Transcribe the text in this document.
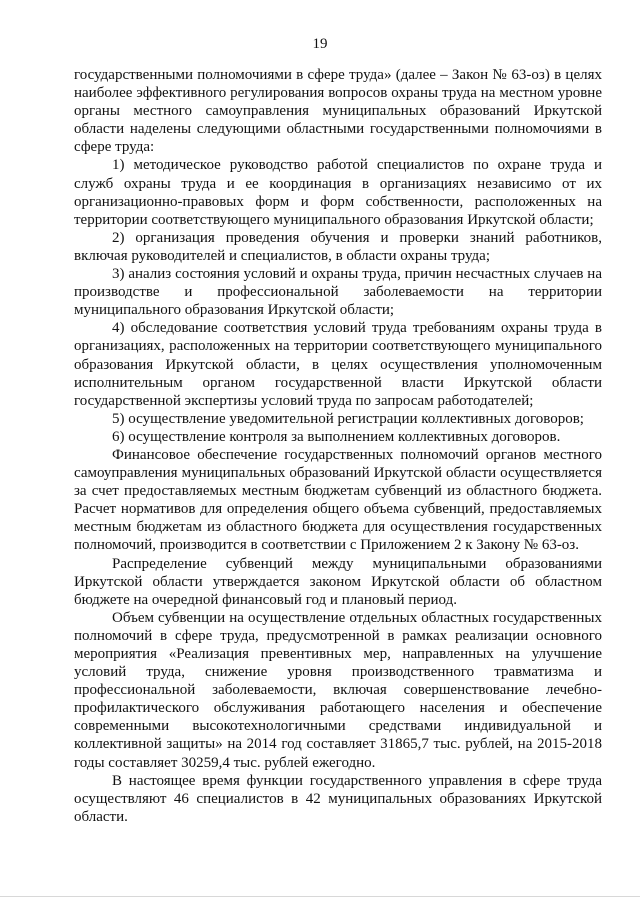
19

государственными полномочиями в сфере труда» (далее – Закон № 63-оз) в целях наиболее эффективного регулирования вопросов охраны труда на местном уровне органы местного самоуправления муниципальных образований Иркутской области наделены следующими областными государственными полномочиями в сфере труда:

1) методическое руководство работой специалистов по охране труда и служб охраны труда и ее координация в организациях независимо от их организационно-правовых форм и форм собственности, расположенных на территории соответствующего муниципального образования Иркутской области;

2) организация проведения обучения и проверки знаний работников, включая руководителей и специалистов, в области охраны труда;

3) анализ состояния условий и охраны труда, причин несчастных случаев на производстве и профессиональной заболеваемости на территории муниципального образования Иркутской области;

4) обследование соответствия условий труда требованиям охраны труда в организациях, расположенных на территории соответствующего муниципального образования Иркутской области, в целях осуществления уполномоченным исполнительным органом государственной власти Иркутской области государственной экспертизы условий труда по запросам работодателей;

5) осуществление уведомительной регистрации коллективных договоров;

6) осуществление контроля за выполнением коллективных договоров.

Финансовое обеспечение государственных полномочий органов местного самоуправления муниципальных образований Иркутской области осуществляется за счет предоставляемых местным бюджетам субвенций из областного бюджета. Расчет нормативов для определения общего объема субвенций, предоставляемых местным бюджетам из областного бюджета для осуществления государственных полномочий, производится в соответствии с Приложением 2 к Закону № 63-оз.

Распределение субвенций между муниципальными образованиями Иркутской области утверждается законом Иркутской области об областном бюджете на очередной финансовый год и плановый период.

Объем субвенции на осуществление отдельных областных государственных полномочий в сфере труда, предусмотренной в рамках реализации основного мероприятия «Реализация превентивных мер, направленных на улучшение условий труда, снижение уровня производственного травматизма и профессиональной заболеваемости, включая совершенствование лечебно-профилактического обслуживания работающего населения и обеспечение современными высокотехнологичными средствами индивидуальной и коллективной защиты» на 2014 год составляет 31865,7 тыс. рублей, на 2015-2018 годы составляет 30259,4 тыс. рублей ежегодно.

В настоящее время функции государственного управления в сфере труда осуществляют 46 специалистов в 42 муниципальных образованиях Иркутской области.
